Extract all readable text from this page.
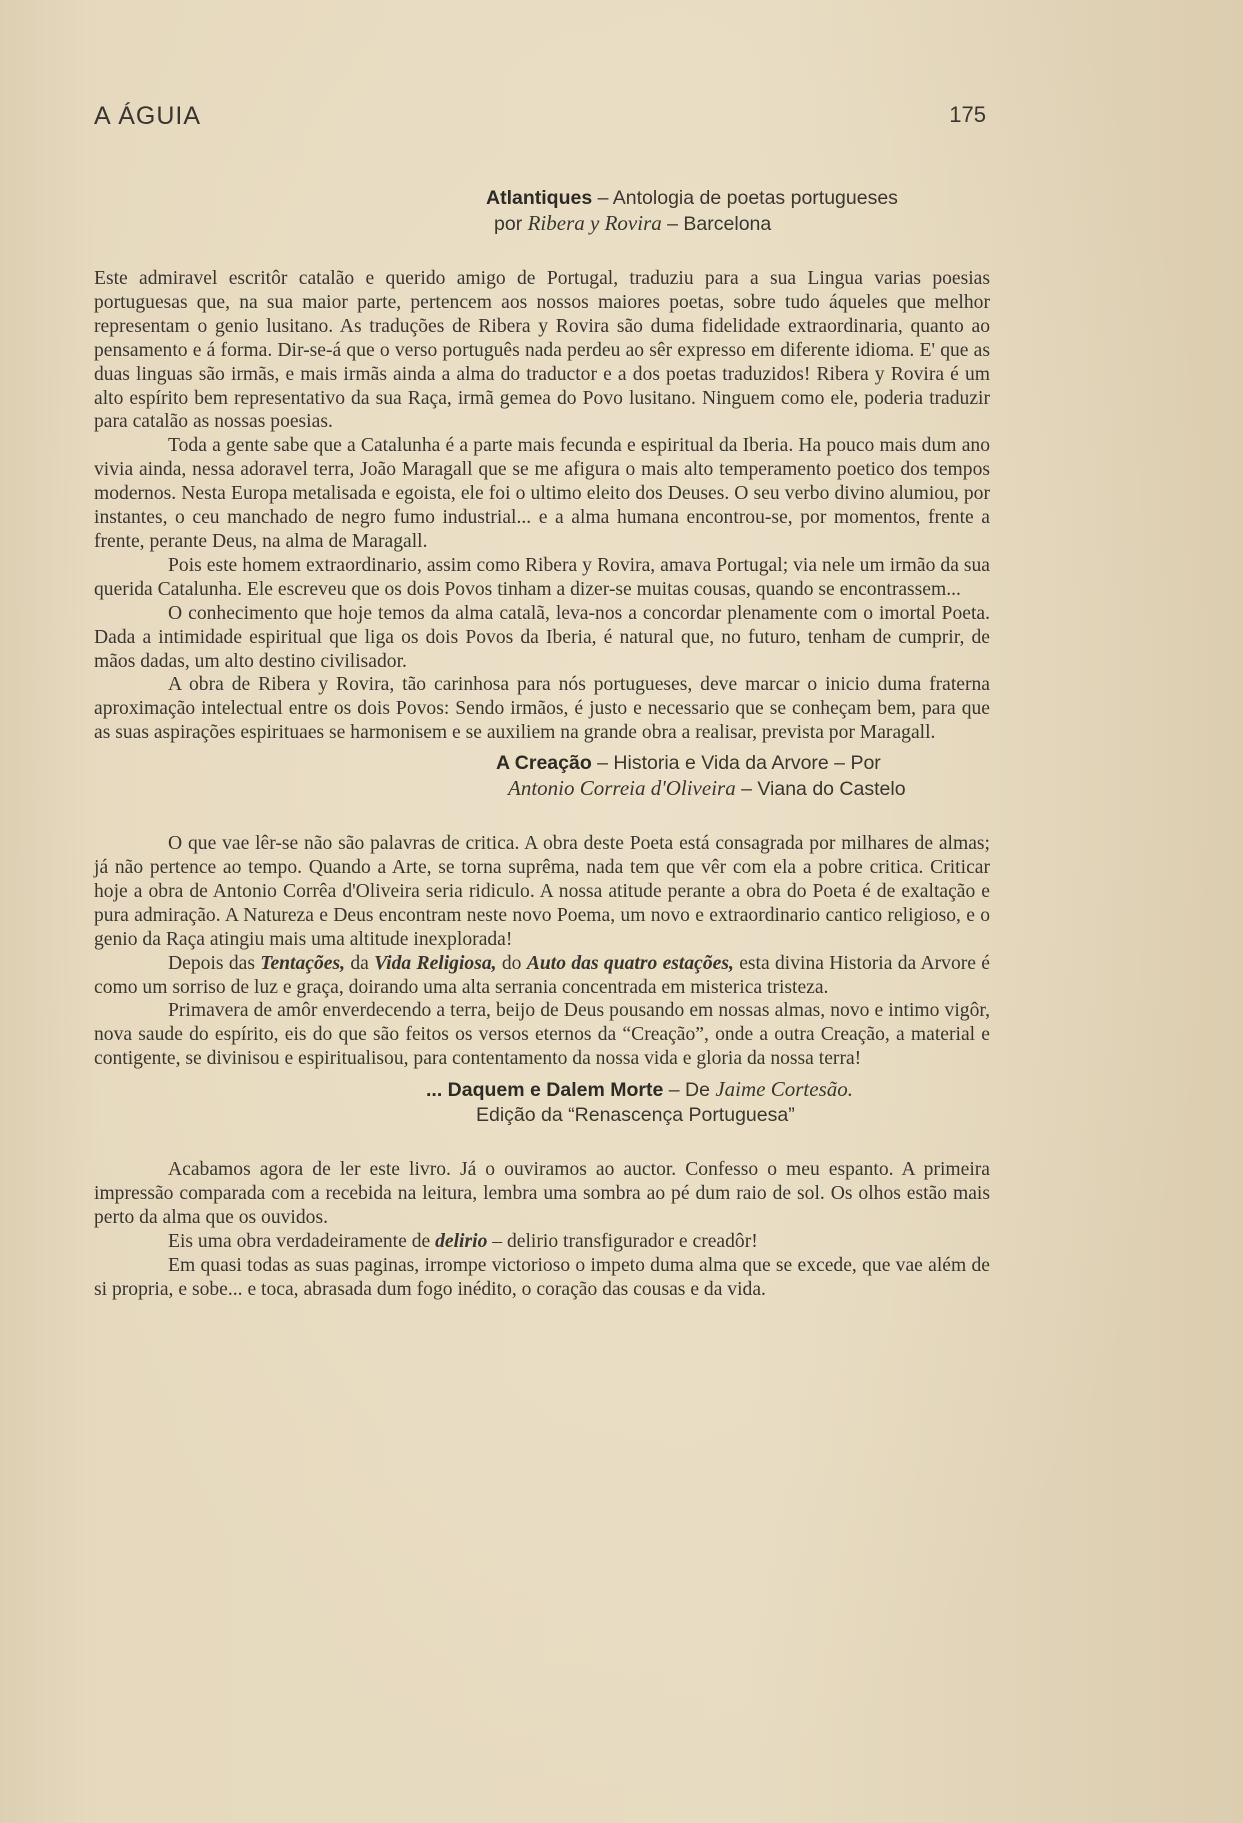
A ÁGUIA	175
Atlantiques – Antologia de poetas portugueses
por Ribera y Rovira – Barcelona

Este admiravel escritôr catalão e querido amigo de Portugal, traduziu para a sua Lingua varias poesias portuguesas que, na sua maior parte, pertencem aos nossos maiores poetas, sobre tudo áqueles que melhor representam o genio lusitano. As traduções de Ribera y Rovira são duma fidelidade extraordinaria, quanto ao pensamento e á forma. Dir-se-á que o verso português nada perdeu ao sêr expresso em diferente idioma. E' que as duas linguas são irmãs, e mais irmãs ainda a alma do traductor e a dos poetas traduzidos! Ribera y Rovira é um alto espírito bem representativo da sua Raça, irmã gemea do Povo lusitano. Ninguem como ele, poderia traduzir para catalão as nossas poesias.

Toda a gente sabe que a Catalunha é a parte mais fecunda e espiritual da Iberia. Ha pouco mais dum ano vivia ainda, nessa adoravel terra, João Maragall que se me afigura o mais alto temperamento poetico dos tempos modernos. Nesta Europa metalisada e egoista, ele foi o ultimo eleito dos Deuses. O seu verbo divino alumiou, por instantes, o ceu manchado de negro fumo industrial... e a alma humana encontrou-se, por momentos, frente a frente, perante Deus, na alma de Maragall.

Pois este homem extraordinario, assim como Ribera y Rovira, amava Portugal; via nele um irmão da sua querida Catalunha. Ele escreveu que os dois Povos tinham a dizer-se muitas cousas, quando se encontrassem...

O conhecimento que hoje temos da alma catalã, leva-nos a concordar plenamente com o imortal Poeta. Dada a intimidade espiritual que liga os dois Povos da Iberia, é natural que, no futuro, tenham de cumprir, de mãos dadas, um alto destino civilisador.

A obra de Ribera y Rovira, tão carinhosa para nós portugueses, deve marcar o inicio duma fraterna aproximação intelectual entre os dois Povos: Sendo irmãos, é justo e necessario que se conheçam bem, para que as suas aspirações espirituaes se harmonisem e se auxiliem na grande obra a realisar, prevista por Maragall.

A Creação – Historia e Vida da Arvore – Por
Antonio Correia d'Oliveira – Viana do Castelo

O que vae lêr-se não são palavras de critica. A obra deste Poeta está consagrada por milhares de almas; já não pertence ao tempo. Quando a Arte, se torna suprêma, nada tem que vêr com ela a pobre critica. Criticar hoje a obra de Antonio Corrêa d'Oliveira seria ridiculo. A nossa atitude perante a obra do Poeta é de exaltação e pura admiração. A Natureza e Deus encontram neste novo Poema, um novo e extraordinario cantico religioso, e o genio da Raça atingiu mais uma altitude inexplorada!

Depois das Tentações, da Vida Religiosa, do Auto das quatro estações, esta divina Historia da Arvore é como um sorriso de luz e graça, doirando uma alta serrania concentrada em misterica tristeza.

Primavera de amôr enverdecendo a terra, beijo de Deus pousando em nossas almas, novo e intimo vigôr, nova saude do espírito, eis do que são feitos os versos eternos da “Creação”, onde a outra Creação, a material e contigente, se divinisou e espiritualisou, para contentamento da nossa vida e gloria da nossa terra!

... Daquem e Dalem Morte – De Jaime Cortesão.
Edição da “Renascença Portuguesa”

Acabamos agora de ler este livro. Já o ouviramos ao auctor. Confesso o meu espanto. A primeira impressão comparada com a recebida na leitura, lembra uma sombra ao pé dum raio de sol. Os olhos estão mais perto da alma que os ouvidos.

Eis uma obra verdadeiramente de delirio – delirio transfigurador e creadôr!

Em quasi todas as suas paginas, irrompe victorioso o impeto duma alma que se excede, que vae além de si propria, e sobe... e toca, abrasada dum fogo inédito, o coração das cousas e da vida.
